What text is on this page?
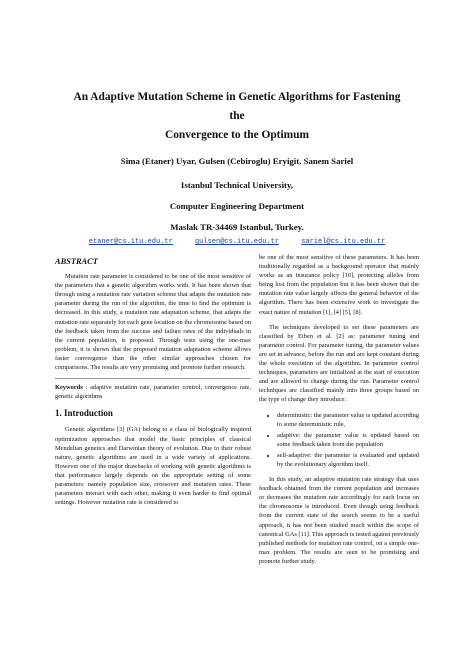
An Adaptive Mutation Scheme in Genetic Algorithms for Fastening the
Convergence to the Optimum
Sima (Etaner) Uyar, Gulsen (Cebiroglu) Eryigit, Sanem Sariel
Istanbul Technical University,
Computer Engineering Department
Maslak TR-34469 Istanbul, Turkey.
etaner@cs.itu.edu.tr	gulsen@cs.itu.edu.tr	sariel@cs.itu.edu.tr
ABSTRACT

Mutation rate parameter is considered to be one of the most sensitive of the parameters that a genetic algorithm works with. It has been shown that through using a mutation rate variation scheme that adapts the mutation rate parameter during the run of the algorithm, the time to find the optimum is decreased. In this study, a mutation rate adaptation scheme, that adapts the mutation rate separately for each gene location on the chromosome based on the feedback taken from the success and failure rates of the individuals in the current population, is proposed. Through tests using the one-max problem, it is shown that the proposed mutation adaptation scheme allows faster convergence than the other similar approaches chosen for comparisons. The results are very promising and promote further research.

Keywords : adaptive mutation rate, parameter control, convergence rate, genetic algorithms

1. Introduction

Genetic algorithms [3] (GA) belong to a class of biologically inspired optimization approaches that model the basic principles of classical Mendelian genetics and Darwinian theory of evolution. Due to their robust nature, genetic algorithms are used in a wide variety of applications. However one of the major drawbacks of working with genetic algorithms is that performance largely depends on the appropriate setting of some parameters: namely population size, crossover and mutation rates. These parameters interact with each other, making it even harder to find optimal settings. However mutation rate is considered to

be one of the most sensitive of these parameters. It has been traditionally regarded as a background operator that mainly works as an insurance policy [10], protecting alleles from being lost from the population but it has been shown that the mutation rate value largely affects the general behavior of the algorithm. There has been extensive work to investigate the exact nature of mutation [1], [4] [5], [8].

The techniques developed to set these parameters are classified by Eiben et al. [2] as: parameter tuning and parameter control. For parameter tuning, the parameter values are set in advance, before the run and are kept constant during the whole execution of the algorithm. In parameter control techniques, parameters are initialized at the start of execution and are allowed to change during the run. Parameter control techniques are classified mainly into three groups based on the type of change they introduce:

• deterministic: the parameter value is updated according to some deterministic rule,
• adaptive: the parameter value is updated based on some feedback taken from the population
• self-adaptive: the parameter is evaluated and updated by the evolutionary algorithm itself.

In this study, an adaptive mutation rate strategy that uses feedback obtained from the current population and increases or decreases the mutation rate accordingly for each locus on the chromosome is introduced. Even though using feedback from the current state of the search seems to be a useful approach, it has not been studied much within the scope of canonical GAs [11]. This approach is tested against previously published methods for mutation rate control, on a simple one-max problem. The results are seen to be promising and promote further study.
